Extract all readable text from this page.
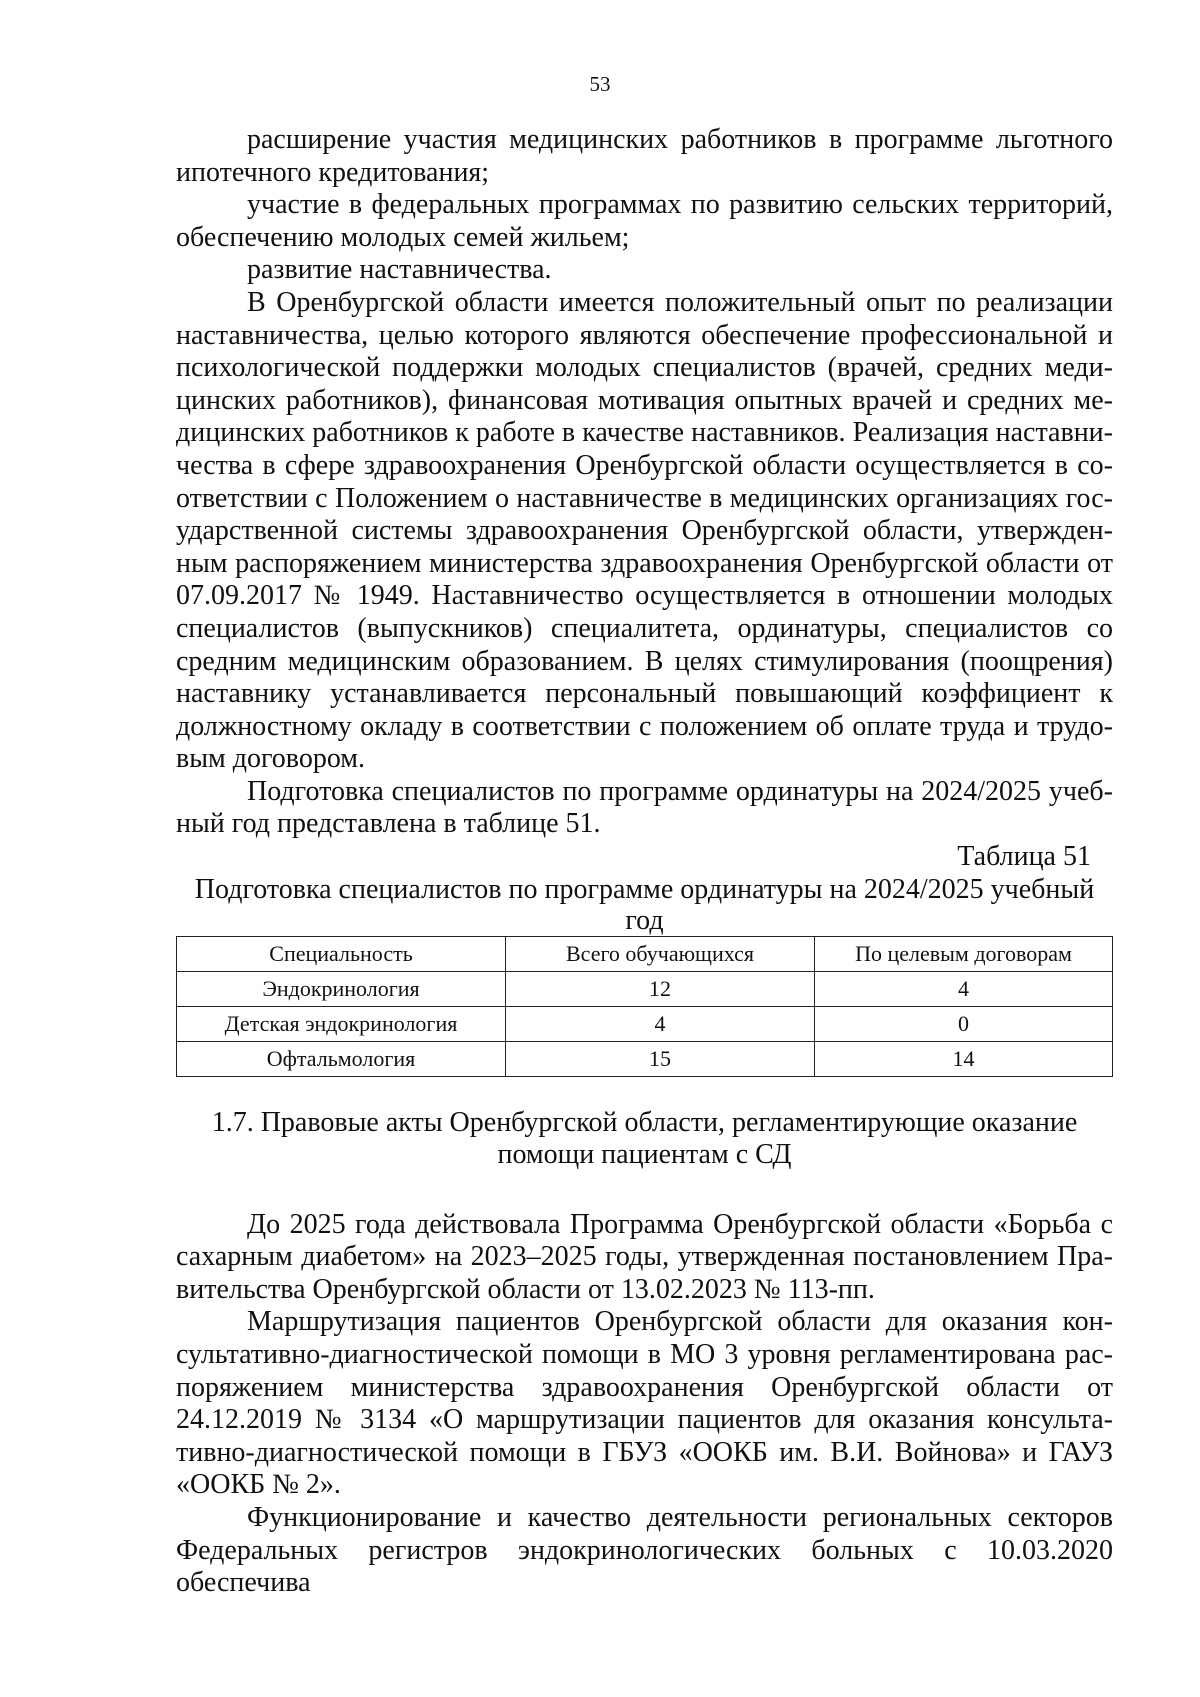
53

расширение участия медицинских работников в программе льготного ипотечного кредитования;

участие в федеральных программах по развитию сельских территорий, обеспечению молодых семей жильем;

развитие наставничества.

В Оренбургской области имеется положительный опыт по реализации наставничества, целью которого являются обеспечение профессиональной и психологической поддержки молодых специалистов (врачей, средних медицинских работников), финансовая мотивация опытных врачей и средних медицинских работников к работе в качестве наставников. Реализация наставничества в сфере здравоохранения Оренбургской области осуществляется в соответствии с Положением о наставничестве в медицинских организациях государственной системы здравоохранения Оренбургской области, утвержденным распоряжением министерства здравоохранения Оренбургской области от 07.09.2017 № 1949. Наставничество осуществляется в отношении молодых специалистов (выпускников) специалитета, ординатуры, специалистов со средним медицинским образованием. В целях стимулирования (поощрения) наставнику устанавливается персональный повышающий коэффициент к должностному окладу в соответствии с положением об оплате труда и трудовым договором.

Подготовка специалистов по программе ординатуры на 2024/2025 учебный год представлена в таблице 51.

Таблица 51

Подготовка специалистов по программе ординатуры на 2024/2025 учебный год

Специальность	Всего обучающихся	По целевым договорам
Эндокринология	12	4
Детская эндокринология	4	0
Офтальмология	15	14

1.7. Правовые акты Оренбургской области, регламентирующие оказание помощи пациентам с СД

До 2025 года действовала Программа Оренбургской области «Борьба с сахарным диабетом» на 2023–2025 годы, утвержденная постановлением Правительства Оренбургской области от 13.02.2023 № 113-пп.

Маршрутизация пациентов Оренбургской области для оказания консультативно-диагностической помощи в МО 3 уровня регламентирована распоряжением министерства здравоохранения Оренбургской области от 24.12.2019 № 3134 «О маршрутизации пациентов для оказания консультативно-диагностической помощи в ГБУЗ «ООКБ им. В.И. Войнова» и ГАУЗ «ООКБ № 2».

Функционирование и качество деятельности региональных секторов Федеральных регистров эндокринологических больных с 10.03.2020 обеспечива
